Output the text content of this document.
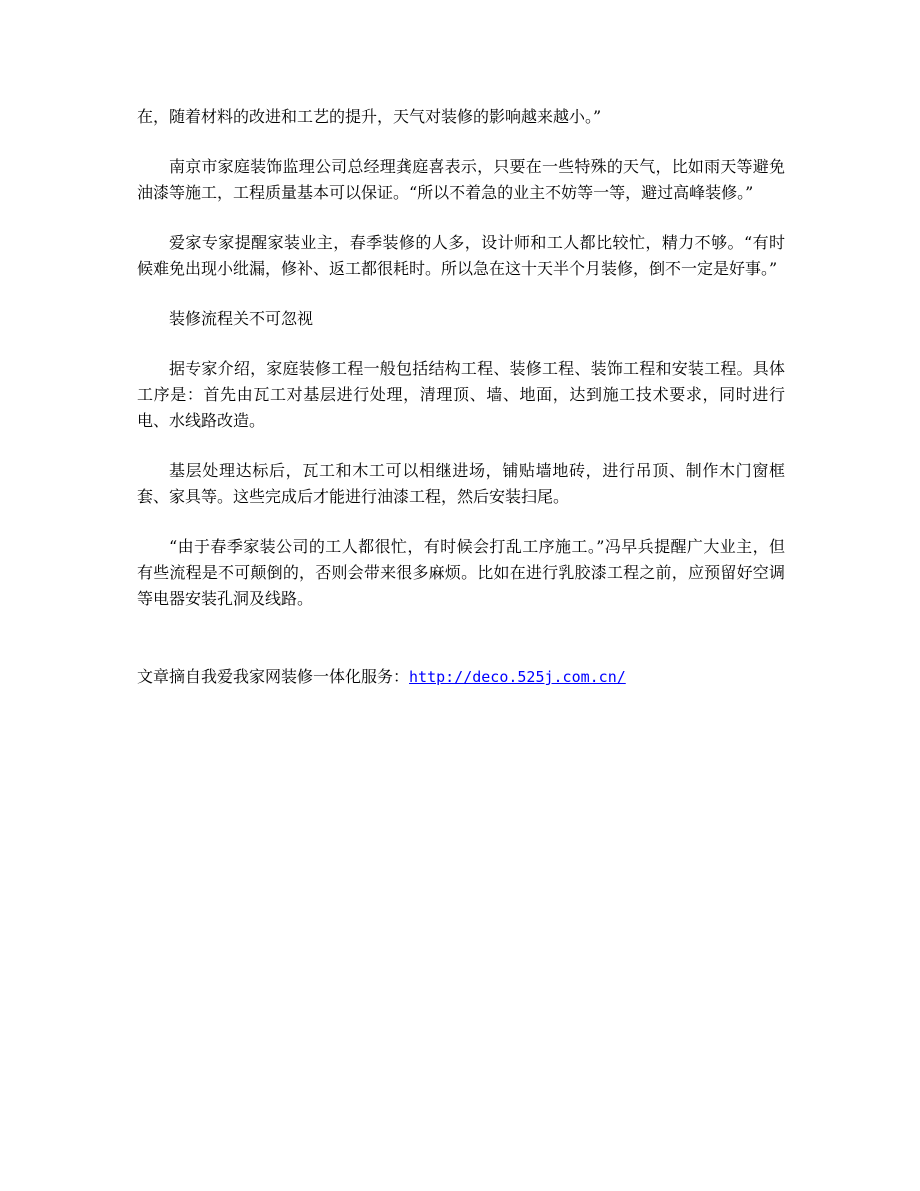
在，随着材料的改进和工艺的提升，天气对装修的影响越来越小。”

南京市家庭装饰监理公司总经理龚庭喜表示，只要在一些特殊的天气，比如雨天等避免油漆等施工，工程质量基本可以保证。“所以不着急的业主不妨等一等，避过高峰装修。”

爱家专家提醒家装业主，春季装修的人多，设计师和工人都比较忙，精力不够。“有时候难免出现小纰漏，修补、返工都很耗时。所以急在这十天半个月装修，倒不一定是好事。”

装修流程关不可忽视

据专家介绍，家庭装修工程一般包括结构工程、装修工程、装饰工程和安装工程。具体工序是：首先由瓦工对基层进行处理，清理顶、墙、地面，达到施工技术要求，同时进行电、水线路改造。

基层处理达标后，瓦工和木工可以相继进场，铺贴墙地砖，进行吊顶、制作木门窗框套、家具等。这些完成后才能进行油漆工程，然后安装扫尾。

“由于春季家装公司的工人都很忙，有时候会打乱工序施工。”冯早兵提醒广大业主，但有些流程是不可颠倒的，否则会带来很多麻烦。比如在进行乳胶漆工程之前，应预留好空调等电器安装孔洞及线路。

文章摘自我爱我家网装修一体化服务：http://deco.525j.com.cn/
